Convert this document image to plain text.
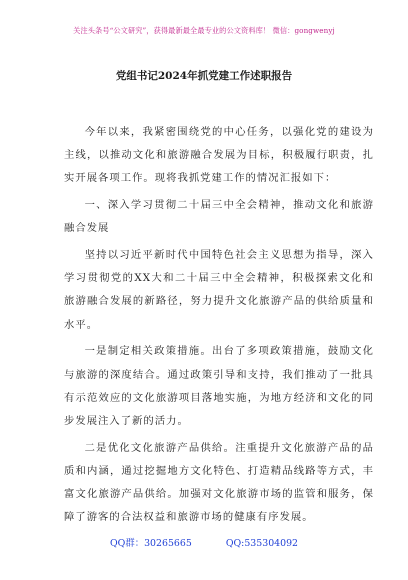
关注头条号“公文研究”，获得最新最全最专业的公文资料库！ 微信：gongwenyj
党组书记2024年抓党建工作述职报告

今年以来，我紧密围绕党的中心任务，以强化党的建设为主线，以推动文化和旅游融合发展为目标，积极履行职责，扎实开展各项工作。现将我抓党建工作的情况汇报如下：

一、深入学习贯彻二十届三中全会精神，推动文化和旅游融合发展

坚持以习近平新时代中国特色社会主义思想为指导，深入学习贯彻党的XX大和二十届三中全会精神，积极探索文化和旅游融合发展的新路径，努力提升文化旅游产品的供给质量和水平。

一是制定相关政策措施。出台了多项政策措施，鼓励文化与旅游的深度结合。通过政策引导和支持，我们推动了一批具有示范效应的文化旅游项目落地实施，为地方经济和文化的同步发展注入了新的活力。

二是优化文化旅游产品供给。注重提升文化旅游产品的品质和内涵，通过挖掘地方文化特色、打造精品线路等方式，丰富文化旅游产品供给。加强对文化旅游市场的监管和服务，保障了游客的合法权益和旅游市场的健康有序发展。

QQ群：30265665	QQ:535304092
